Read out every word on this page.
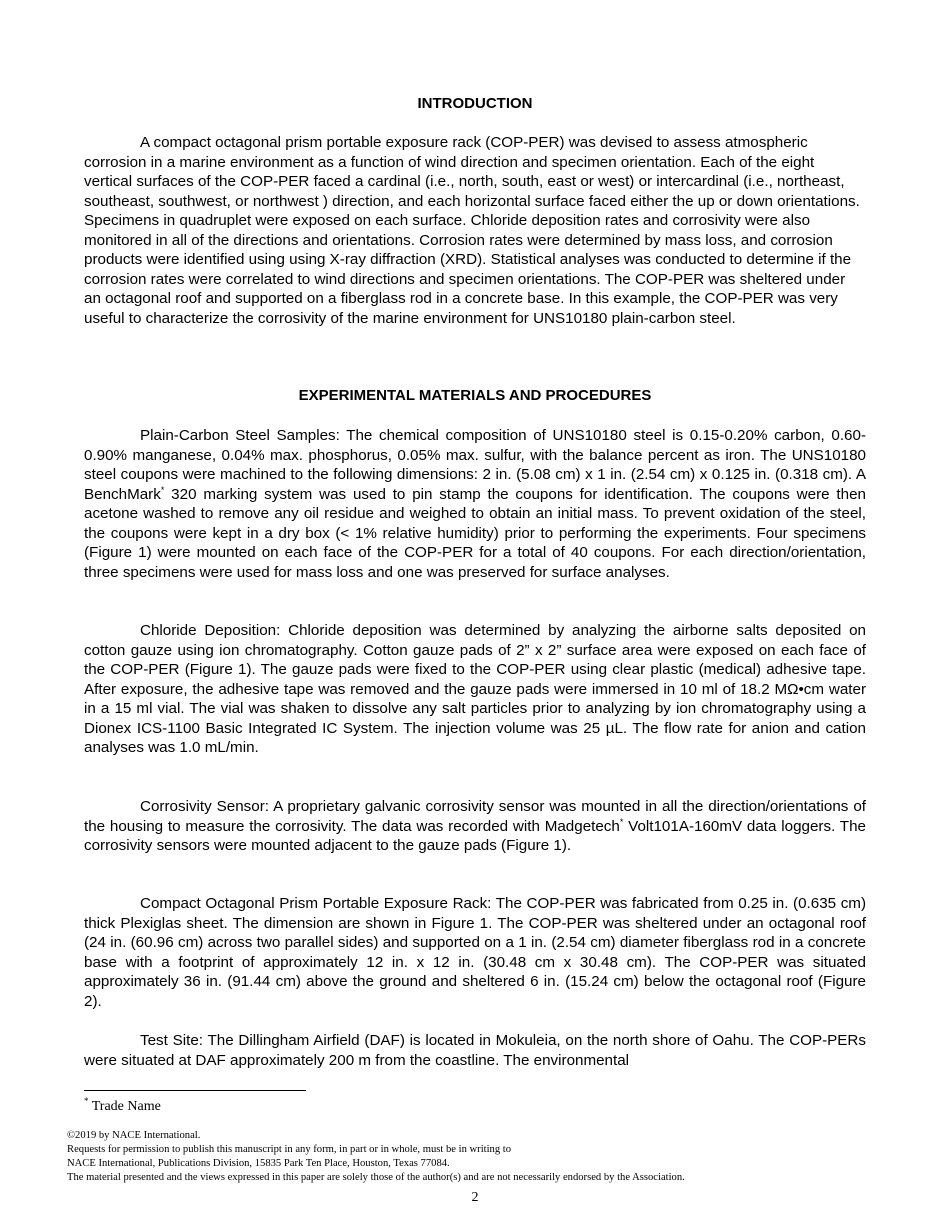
INTRODUCTION

A compact octagonal prism portable exposure rack (COP-PER) was devised to assess atmospheric corrosion in a marine environment as a function of wind direction and specimen orientation. Each of the eight vertical surfaces of the COP-PER faced a cardinal (i.e., north, south, east or west) or intercardinal (i.e., northeast, southeast, southwest, or northwest ) direction, and each horizontal surface faced either the up or down orientations. Specimens in quadruplet were exposed on each surface. Chloride deposition rates and corrosivity were also monitored in all of the directions and orientations. Corrosion rates were determined by mass loss, and corrosion products were identified using using X-ray diffraction (XRD). Statistical analyses was conducted to determine if the corrosion rates were correlated to wind directions and specimen orientations. The COP-PER was sheltered under an octagonal roof and supported on a fiberglass rod in a concrete base. In this example, the COP-PER was very useful to characterize the corrosivity of the marine environment for UNS10180 plain-carbon steel.

EXPERIMENTAL MATERIALS AND PROCEDURES

Plain-Carbon Steel Samples: The chemical composition of UNS10180 steel is 0.15-0.20% carbon, 0.60-0.90% manganese, 0.04% max. phosphorus, 0.05% max. sulfur, with the balance percent as iron. The UNS10180 steel coupons were machined to the following dimensions: 2 in. (5.08 cm) x 1 in. (2.54 cm) x 0.125 in. (0.318 cm). A BenchMark* 320 marking system was used to pin stamp the coupons for identification. The coupons were then acetone washed to remove any oil residue and weighed to obtain an initial mass. To prevent oxidation of the steel, the coupons were kept in a dry box (< 1% relative humidity) prior to performing the experiments. Four specimens (Figure 1) were mounted on each face of the COP-PER for a total of 40 coupons. For each direction/orientation, three specimens were used for mass loss and one was preserved for surface analyses.

Chloride Deposition: Chloride deposition was determined by analyzing the airborne salts deposited on cotton gauze using ion chromatography. Cotton gauze pads of 2” x 2” surface area were exposed on each face of the COP-PER (Figure 1). The gauze pads were fixed to the COP-PER using clear plastic (medical) adhesive tape. After exposure, the adhesive tape was removed and the gauze pads were immersed in 10 ml of 18.2 MΩ•cm water in a 15 ml vial. The vial was shaken to dissolve any salt particles prior to analyzing by ion chromatography using a Dionex ICS-1100 Basic Integrated IC System. The injection volume was 25 µL. The flow rate for anion and cation analyses was 1.0 mL/min.

Corrosivity Sensor: A proprietary galvanic corrosivity sensor was mounted in all the direction/orientations of the housing to measure the corrosivity. The data was recorded with Madgetech* Volt101A-160mV data loggers. The corrosivity sensors were mounted adjacent to the gauze pads (Figure 1).

Compact Octagonal Prism Portable Exposure Rack: The COP-PER was fabricated from 0.25 in. (0.635 cm) thick Plexiglas sheet. The dimension are shown in Figure 1. The COP-PER was sheltered under an octagonal roof (24 in. (60.96 cm) across two parallel sides) and supported on a 1 in. (2.54 cm) diameter fiberglass rod in a concrete base with a footprint of approximately 12 in. x 12 in. (30.48 cm x 30.48 cm). The COP-PER was situated approximately 36 in. (91.44 cm) above the ground and sheltered 6 in. (15.24 cm) below the octagonal roof (Figure 2).

Test Site: The Dillingham Airfield (DAF) is located in Mokuleia, on the north shore of Oahu. The COP-PERs were situated at DAF approximately 200 m from the coastline. The environmental

* Trade Name
©2019 by NACE International.
Requests for permission to publish this manuscript in any form, in part or in whole, must be in writing to
NACE International, Publications Division, 15835 Park Ten Place, Houston, Texas 77084.
The material presented and the views expressed in this paper are solely those of the author(s) and are not necessarily endorsed by the Association.
2
